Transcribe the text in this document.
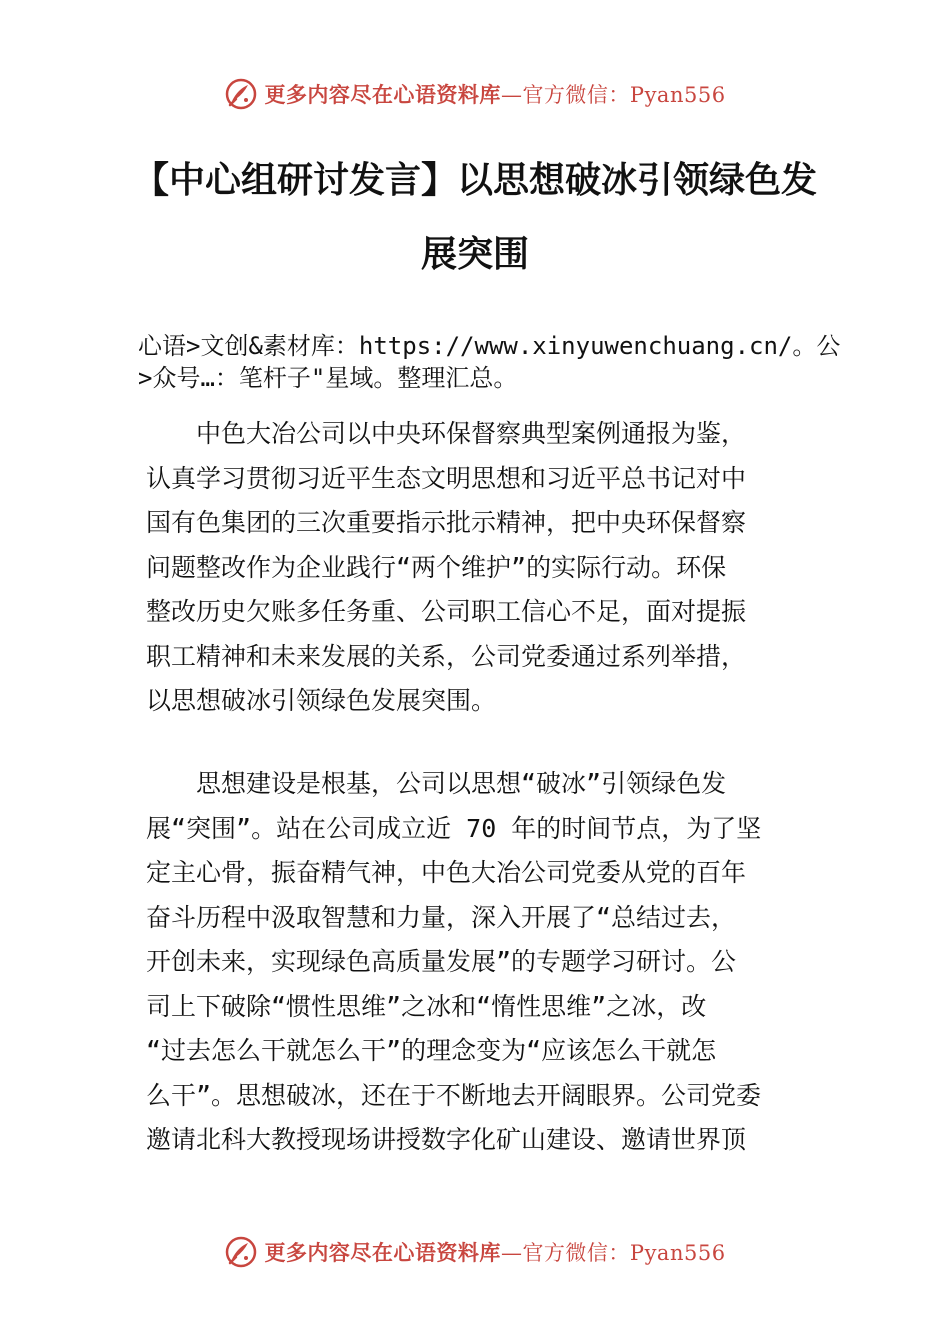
更多内容尽在心语资料库—官方微信：Pyan556
【中心组研讨发言】以思想破冰引领绿色发
展突围
心语>文创&素材库：https://www.xinyuwenchuang.cn/。公
>众号…：笔杆子"星域。整理汇总。
　　中色大冶公司以中央环保督察典型案例通报为鉴，
认真学习贯彻习近平生态文明思想和习近平总书记对中
国有色集团的三次重要指示批示精神，把中央环保督察
问题整改作为企业践行“两个维护”的实际行动。环保
整改历史欠账多任务重、公司职工信心不足，面对提振
职工精神和未来发展的关系，公司党委通过系列举措，
以思想破冰引领绿色发展突围。
　　思想建设是根基，公司以思想“破冰”引领绿色发
展“突围”。站在公司成立近 70 年的时间节点，为了坚
定主心骨，振奋精气神，中色大冶公司党委从党的百年
奋斗历程中汲取智慧和力量，深入开展了“总结过去，
开创未来，实现绿色高质量发展”的专题学习研讨。公
司上下破除“惯性思维”之冰和“惰性思维”之冰，改
“过去怎么干就怎么干”的理念变为“应该怎么干就怎
么干”。思想破冰，还在于不断地去开阔眼界。公司党委
邀请北科大教授现场讲授数字化矿山建设、邀请世界顶
更多内容尽在心语资料库—官方微信：Pyan556
